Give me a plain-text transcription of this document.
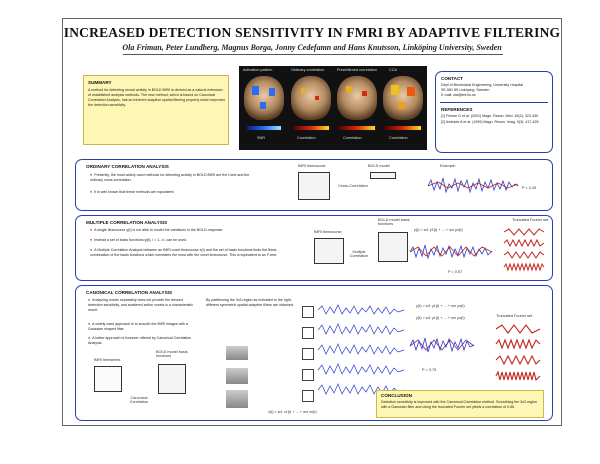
INCREASED DETECTION SENSITIVITY IN FMRI BY ADAPTIVE FILTERING
Ola Friman, Peter Lundberg, Magnus Borga, Jonny Cedefamn and Hans Knutsson, Linköping University, Sweden
SUMMARY
A method for detecting neural activity in BOLD fMRI is derived as a natural extension of established analysis methods. The new method, which is based on Canonical Correlation Analysis, has an inherent adaptive spatial filtering property which improves the detection sensitivity.
Activation pattern	Ordinary correlation	Prewhitened correlation	CCA
SNR	Correlation	Correlation	Correlation
CONTACT
Dept of Biomedical Engineering, University Hospital
SE-581 85 Linköping, Sweden
E-mail: ola@imt.liu.se
REFERENCES
[1] Friman O et al. (2001) Magn. Reson. Med. 45(2): 323-330
[2] Andrade A et al. (1999) Magn. Reson. Imag. 9(3): 417-425
ORDINARY CORRELATION ANALYSIS
● Presently, the most widely used methods for detecting activity in BOLD fMRI are the t-test and the ordinary cross-correlation.
● It is well known that these methods are equivalent.
fMRI timecourse	BOLD model
Cross-Correlation
Example:
P = 0.43
MULTIPLE CORRELATION ANALYSIS
● A single timecourse y(t) is not able to model the variations in the BOLD response.
● Instead a set of basis functions yi(t), i = 1...n, can be used.
● A Multiple Correlation Analysis between an fMRI voxel timecourse x(t) and the set of basis functions finds the linear combination of the basis functions which correlates the most with the voxel timecourse. This is equivalent to an F-test.
fMRI timecourse
Multiple Correlation
BOLD model basis functions
y(t) = w1 y1(t) + ... + wn yn(t)
P = 0.57
Truncated Fourier set
CANONICAL CORRELATION ANALYSIS
● Analyzing voxels separately does not provide the desired detection sensitivity, and scattered active voxels is a characteristic result.
● A widely used approach is to smooth the fMRI images with a Gaussian shaped filter.
● A better approach is however offered by Canonical Correlation Analysis.
By partitioning the 3x3 region as indicated to the right, different symmetric spatial adaptive filters are obtained.
fMRI timeseries
BOLD model basis functions
Canonical Correlation
x(t) = w1 x1(t) + ... + wn xn(t)
y(t) = w1 y1(t) + ... + wn yn(t)
y(t) = w1 y1(t) + ... + wn yn(t)
P = 0.75
Truncated Fourier set
CONCLUSION
Detection sensitivity is improved with the Canonical Correlation method. Smoothing the 3x3 region with a Gaussian filter and using the truncated Fourier set yields a correlation of 0.66.
